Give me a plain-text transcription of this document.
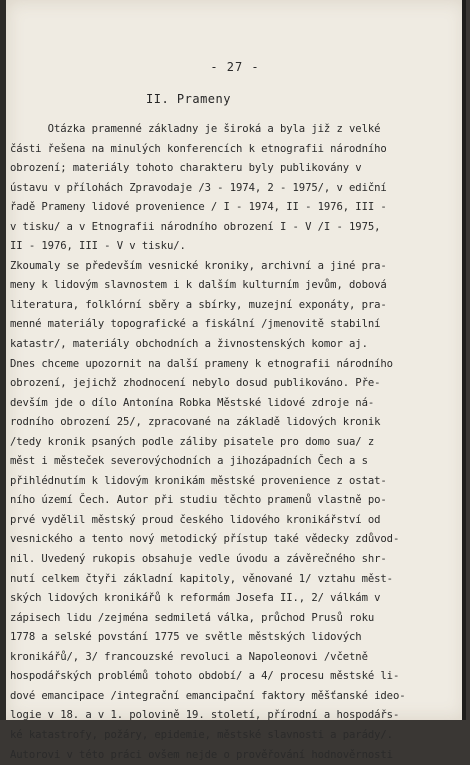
- 27 -
II. Prameny
Otázka pramenné základny je široká a byla již z velké
části řešena na minulých konferencích k etnografii národního
obrození; materiály tohoto charakteru byly publikovány v
ústavu v přílohách Zpravodaje /3 - 1974, 2 - 1975/, v ediční
řadě Prameny lidové provenience / I - 1974, II - 1976, III -
v tisku/ a v Etnografii národního obrození I - V /I - 1975,
II - 1976, III - V v tisku/.
Zkoumaly se především vesnické kroniky, archivní a jiné pra-
meny k lidovým slavnostem i k dalším kulturním jevům, dobová
literatura, folklórní sběry a sbírky, muzejní exponáty, pra-
menné materiály topografické a fiskální /jmenovitě stabilní
katastr/, materiály obchodních a živnostenských komor aj.
Dnes chceme upozornit na další prameny k etnografii národního
obrození, jejichž zhodnocení nebylo dosud publikováno. Pře-
devším jde o dílo Antonína Robka Městské lidové zdroje ná-
rodního obrození 25/, zpracované na základě lidových kronik
/tedy kronik psaných podle záliby pisatele pro domo sua/ z
měst i městeček severovýchodních a jihozápadních Čech a s
přihlédnutím k lidovým kronikám městské provenience z ostat-
ního území Čech. Autor při studiu těchto pramenů vlastně po-
prvé vydělil městský proud českého lidového kronikářství od
vesnického a tento nový metodický přístup také vědecky zdůvod-
nil. Uvedený rukopis obsahuje vedle úvodu a závěrečného shr-
nutí celkem čtyři základní kapitoly, věnované 1/ vztahu měst-
ských lidových kronikářů k reformám Josefa II., 2/ válkám v
zápisech lidu /zejména sedmiletá válka, průchod Prusů roku
1778 a selské povstání 1775 ve světle městských lidových
kronikářů/, 3/ francouzské revoluci a Napoleonovi /včetně
hospodářských problémů tohoto období/ a 4/ procesu městské li-
dové emancipace /integrační emancipační faktory měšťanské ideo-
logie v 18. a v 1. polovině 19. století, přírodní a hospodářs-
ké katastrofy, požáry, epidemie, městské slavnosti a parády/.
Autorovi v této práci ovšem nejde o prověřování hodnověrnosti
